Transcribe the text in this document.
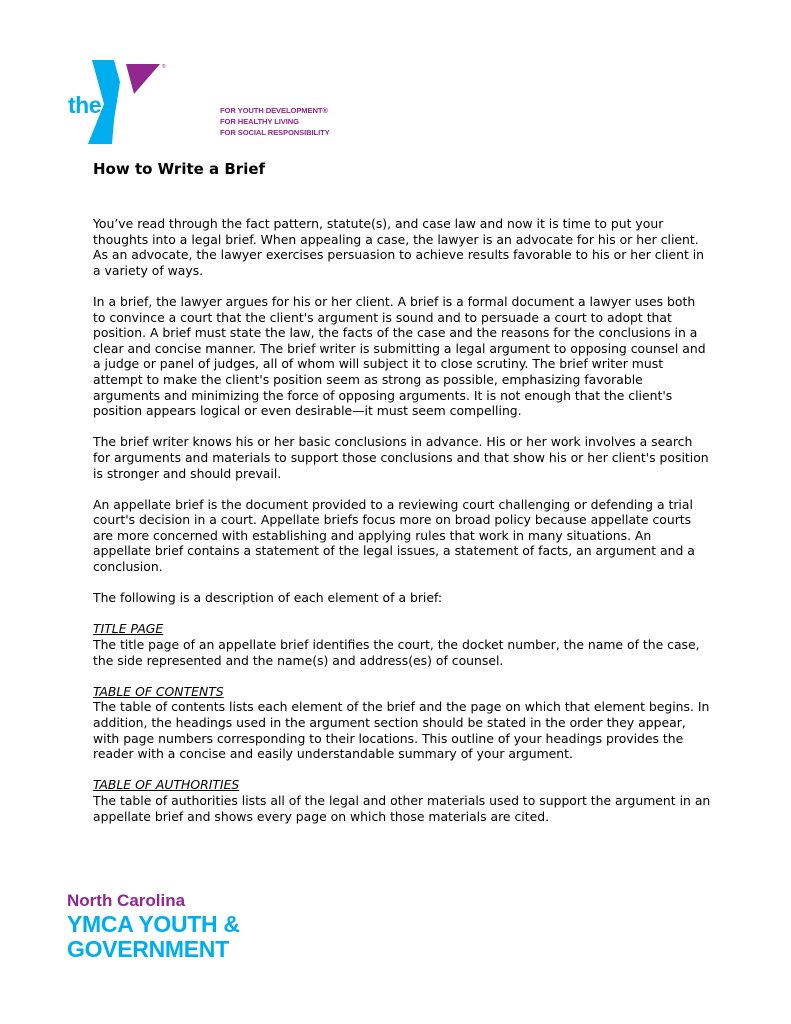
YMCA
®
the	FOR YOUTH DEVELOPMENT®
FOR HEALTHY LIVING
FOR SOCIAL RESPONSIBILITY
How to Write a Brief

You’ve read through the fact pattern, statute(s), and case law and now it is time to put your thoughts into a legal brief. When appealing a case, the lawyer is an advocate for his or her client. As an advocate, the lawyer exercises persuasion to achieve results favorable to his or her client in a variety of ways.

In a brief, the lawyer argues for his or her client. A brief is a formal document a lawyer uses both to convince a court that the client's argument is sound and to persuade a court to adopt that position. A brief must state the law, the facts of the case and the reasons for the conclusions in a clear and concise manner. The brief writer is submitting a legal argument to opposing counsel and a judge or panel of judges, all of whom will subject it to close scrutiny. The brief writer must attempt to make the client's position seem as strong as possible, emphasizing favorable arguments and minimizing the force of opposing arguments. It is not enough that the client's position appears logical or even desirable—it must seem compelling.

The brief writer knows his or her basic conclusions in advance. His or her work involves a search for arguments and materials to support those conclusions and that show his or her client's position is stronger and should prevail.

An appellate brief is the document provided to a reviewing court challenging or defending a trial court's decision in a court. Appellate briefs focus more on broad policy because appellate courts are more concerned with establishing and applying rules that work in many situations. An appellate brief contains a statement of the legal issues, a statement of facts, an argument and a conclusion.

The following is a description of each element of a brief:

TITLE PAGE

The title page of an appellate brief identifies the court, the docket number, the name of the case, the side represented and the name(s) and address(es) of counsel.

TABLE OF CONTENTS

The table of contents lists each element of the brief and the page on which that element begins. In addition, the headings used in the argument section should be stated in the order they appear, with page numbers corresponding to their locations. This outline of your headings provides the reader with a concise and easily understandable summary of your argument.

TABLE OF AUTHORITIES

The table of authorities lists all of the legal and other materials used to support the argument in an appellate brief and shows every page on which those materials are cited.

North Carolina
YMCA YOUTH &
GOVERNMENT
